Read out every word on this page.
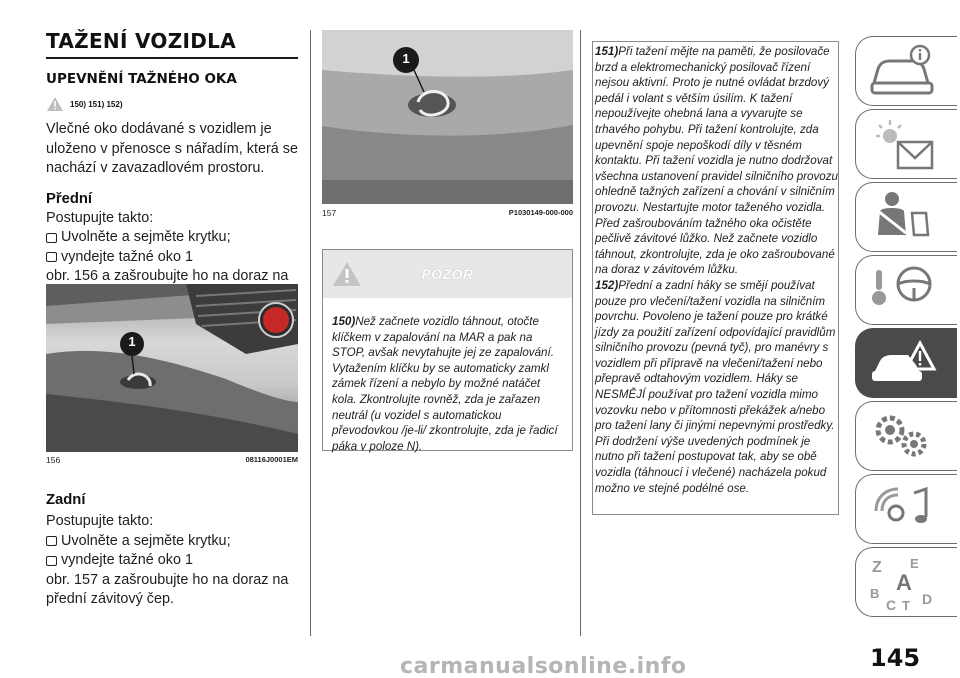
TAŽENÍ VOZIDLA
UPEVNĚNÍ TAŽNÉHO OKA
150) 151) 152)

Vlečné oko dodávané s vozidlem je uloženo v přenosce s nářadím, která se nachází v zavazadlovém prostoru.

Přední
Postupujte takto:
Uvolněte a sejměte krytku;
vyndejte tažné oko 1

obr. 156 a zašroubujte ho na doraz na

1
156	08116J0001EM
Zadní
Postupujte takto:
Uvolněte a sejměte krytku;
vyndejte tažné oko 1

obr. 157 a zašroubujte ho na doraz na přední závitový čep.

1
157	P1030149-000-000
POZOR

150)Než začnete vozidlo táhnout, otočte klíčkem v zapalování na MAR a pak na STOP, avšak nevytahujte jej ze zapalování. Vytažením klíčku by se automaticky zamkl zámek řízení a nebylo by možné natáčet kola. Zkontrolujte rovněž, zda je zařazen neutrál (u vozidel s automatickou převodovkou /je-li/ zkontrolujte, zda je řadicí páka v poloze N).

151)Při tažení mějte na paměti, že posilovače brzd a elektromechanický posilovač řízení nejsou aktivní. Proto je nutné ovládat brzdový pedál i volant s větším úsilím. K tažení nepoužívejte ohebná lana a vyvarujte se trhavého pohybu. Při tažení kontrolujte, zda upevnění spoje nepoškodí díly v těsném kontaktu. Při tažení vozidla je nutno dodržovat všechna ustanovení pravidel silničního provozu ohledně tažných zařízení a chování v silničním provozu. Nestartujte motor taženého vozidla. Před zašroubováním tažného oka očistěte pečlivě závitové lůžko. Než začnete vozidlo táhnout, zkontrolujte, zda je oko zašroubované na doraz v závitovém lůžku.

152)Přední a zadní háky se smějí používat pouze pro vlečení/tažení vozidla na silničním povrchu. Povoleno je tažení pouze pro krátké jízdy za použití zařízení odpovídající pravidlům silničního provozu (pevná tyč), pro manévry s vozidlem při přípravě na vlečení/tažení nebo přepravě odtahovým vozidlem. Háky se NESMĚJÍ používat pro tažení vozidla mimo vozovku nebo v přítomnosti překážek a/nebo pro tažení lany či jinými nepevnými prostředky. Při dodržení výše uvedených podmínek je nutno při tažení postupovat tak, aby se obě vozidla (táhnoucí i vlečené) nacházela pokud možno ve stejné podélné ose.

Z E
B A
C T D
145
carmanualsonline.info
